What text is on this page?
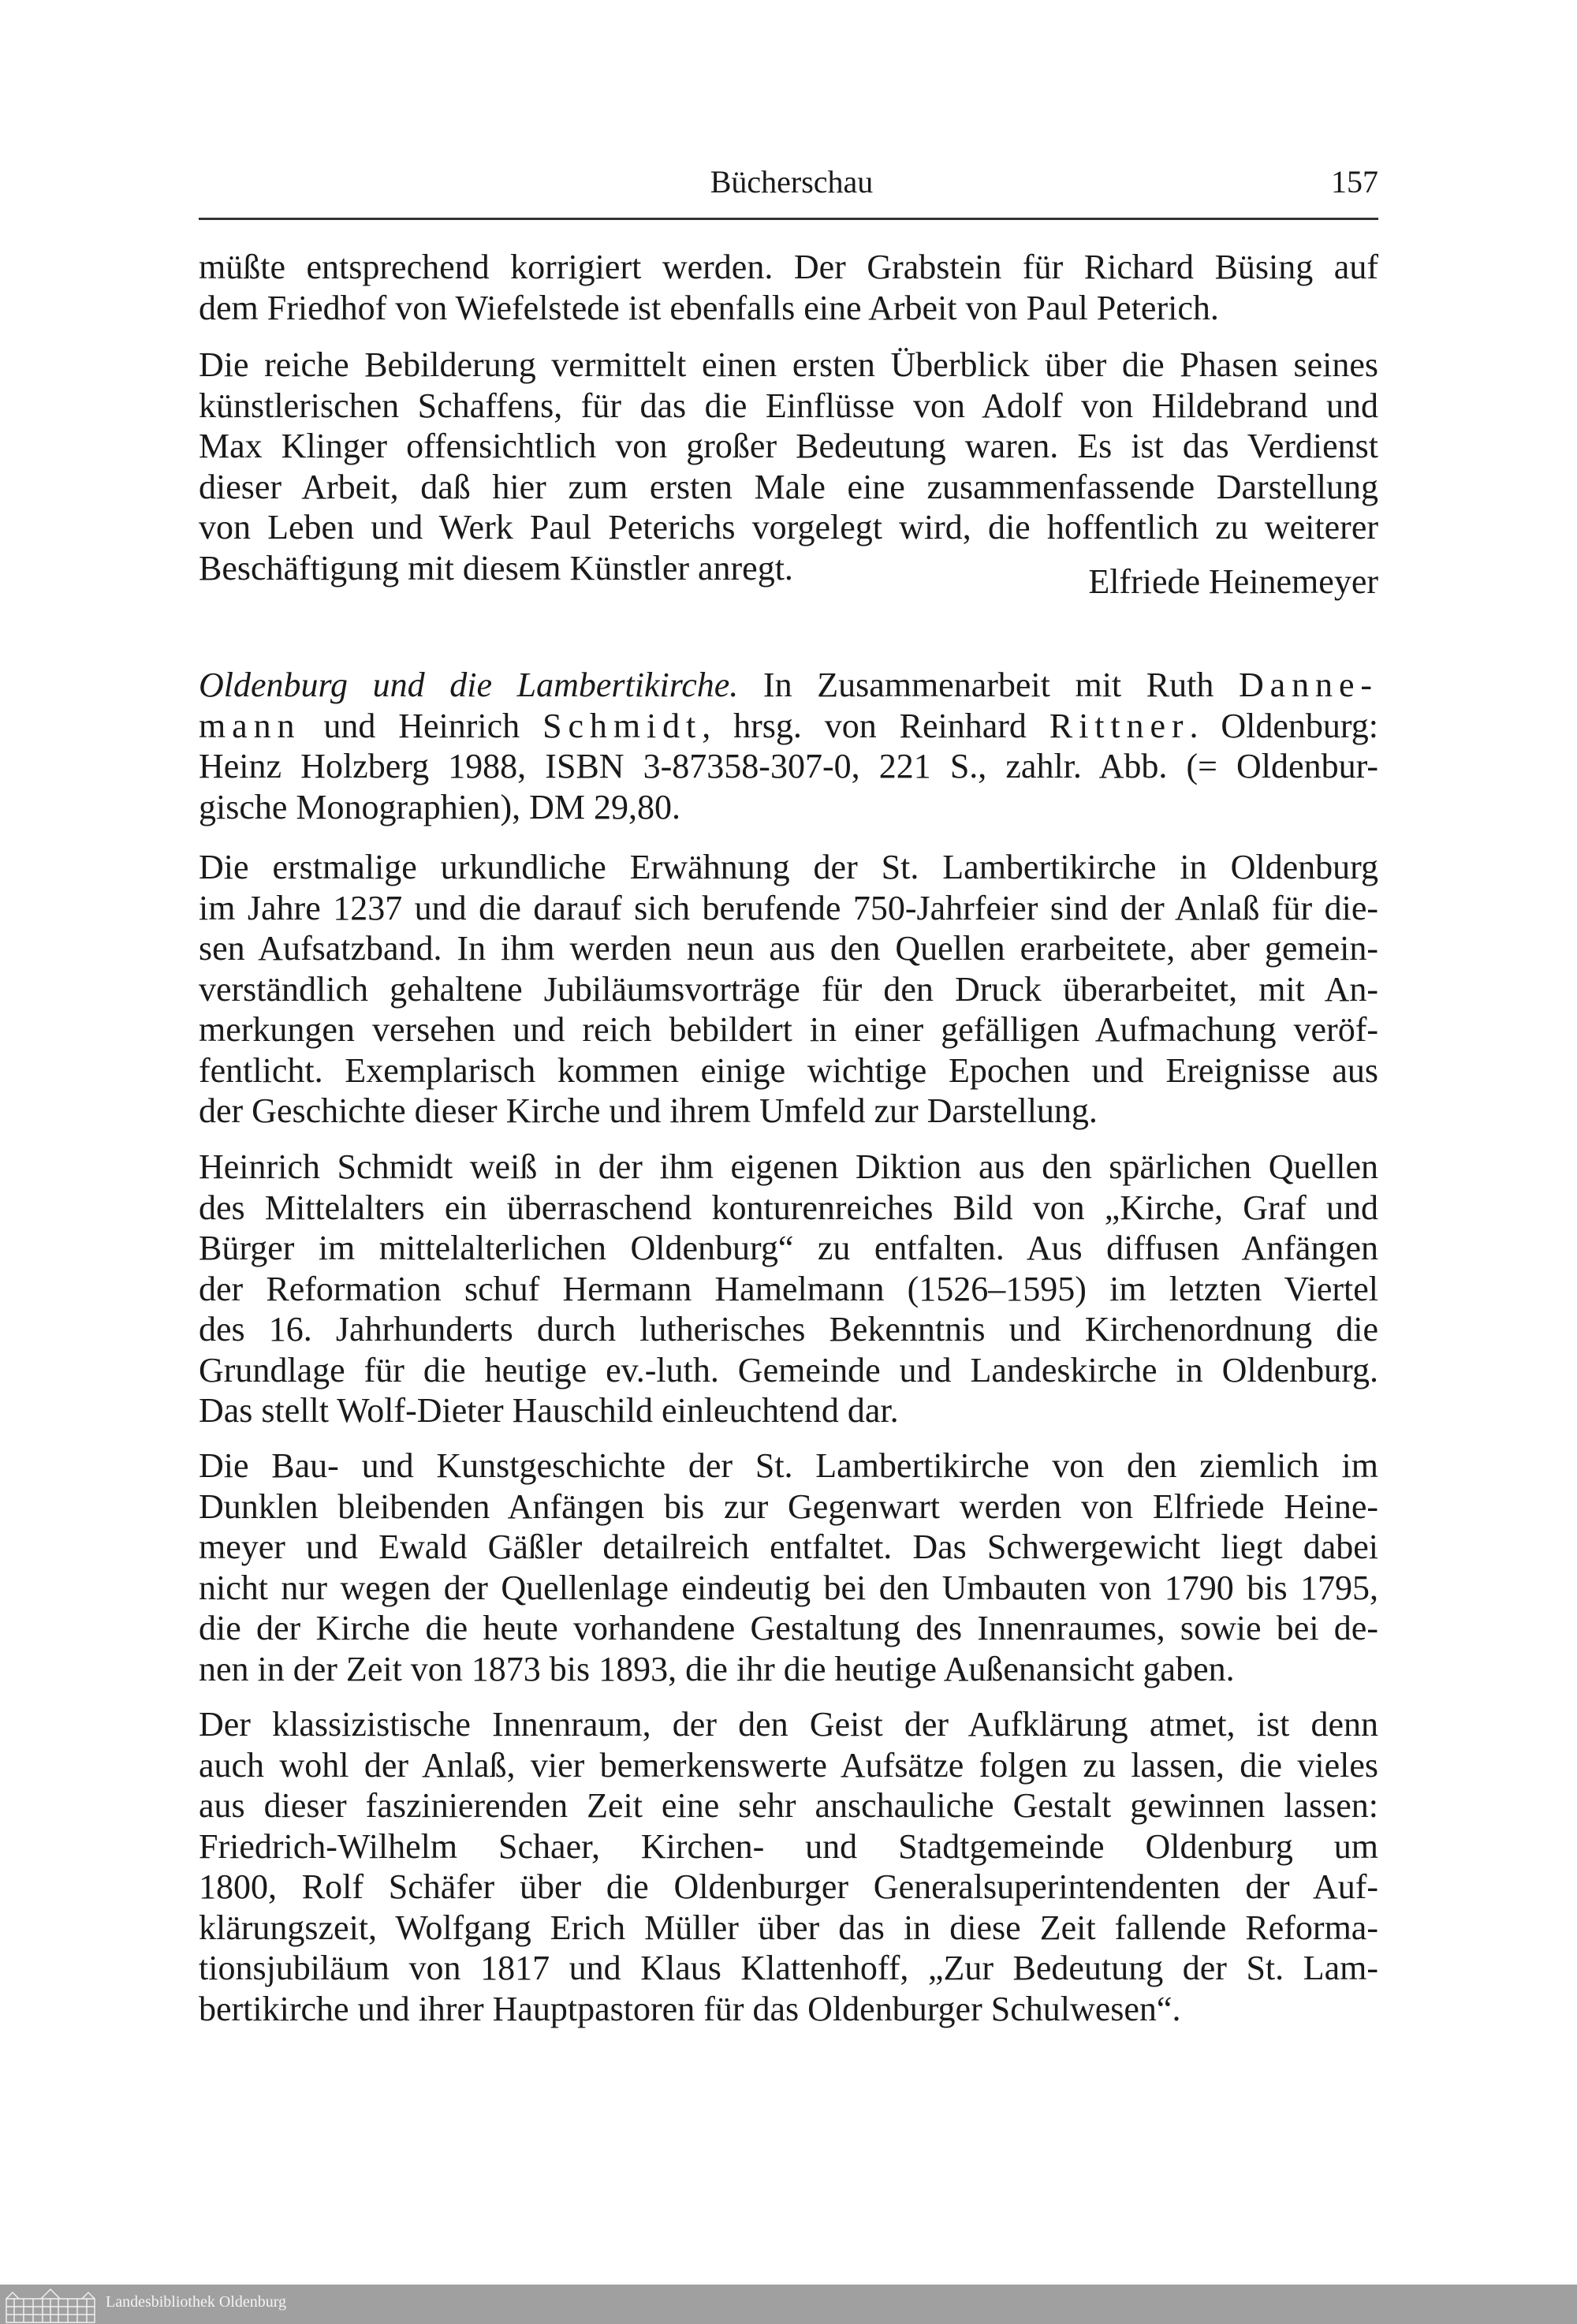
Bücherschau	157
müßte entsprechend korrigiert werden. Der Grabstein für Richard Büsing auf
dem Friedhof von Wiefelstede ist ebenfalls eine Arbeit von Paul Peterich.
Die reiche Bebilderung vermittelt einen ersten Überblick über die Phasen seines
künstlerischen Schaffens, für das die Einflüsse von Adolf von Hildebrand und
Max Klinger offensichtlich von großer Bedeutung waren. Es ist das Verdienst
dieser Arbeit, daß hier zum ersten Male eine zusammenfassende Darstellung
von Leben und Werk Paul Peterichs vorgelegt wird, die hoffentlich zu weiterer
Beschäftigung mit diesem Künstler anregt.	Elfriede Heinemeyer
Oldenburg und die Lambertikirche. In Zusammenarbeit mit Ruth Danne-
mann und Heinrich Schmidt, hrsg. von Reinhard Rittner. Oldenburg:
Heinz Holzberg 1988, ISBN 3-87358-307-0, 221 S., zahlr. Abb. (= Oldenbur-
gische Monographien), DM 29,80.
Die erstmalige urkundliche Erwähnung der St. Lambertikirche in Oldenburg
im Jahre 1237 und die darauf sich berufende 750-Jahrfeier sind der Anlaß für die-
sen Aufsatzband. In ihm werden neun aus den Quellen erarbeitete, aber gemein-
verständlich gehaltene Jubiläumsvorträge für den Druck überarbeitet, mit An-
merkungen versehen und reich bebildert in einer gefälligen Aufmachung veröf-
fentlicht. Exemplarisch kommen einige wichtige Epochen und Ereignisse aus
der Geschichte dieser Kirche und ihrem Umfeld zur Darstellung.
Heinrich Schmidt weiß in der ihm eigenen Diktion aus den spärlichen Quellen
des Mittelalters ein überraschend konturenreiches Bild von „Kirche, Graf und
Bürger im mittelalterlichen Oldenburg“ zu entfalten. Aus diffusen Anfängen
der Reformation schuf Hermann Hamelmann (1526–1595) im letzten Viertel
des 16. Jahrhunderts durch lutherisches Bekenntnis und Kirchenordnung die
Grundlage für die heutige ev.-luth. Gemeinde und Landeskirche in Oldenburg.
Das stellt Wolf-Dieter Hauschild einleuchtend dar.
Die Bau- und Kunstgeschichte der St. Lambertikirche von den ziemlich im
Dunklen bleibenden Anfängen bis zur Gegenwart werden von Elfriede Heine-
meyer und Ewald Gäßler detailreich entfaltet. Das Schwergewicht liegt dabei
nicht nur wegen der Quellenlage eindeutig bei den Umbauten von 1790 bis 1795,
die der Kirche die heute vorhandene Gestaltung des Innenraumes, sowie bei de-
nen in der Zeit von 1873 bis 1893, die ihr die heutige Außenansicht gaben.
Der klassizistische Innenraum, der den Geist der Aufklärung atmet, ist denn
auch wohl der Anlaß, vier bemerkenswerte Aufsätze folgen zu lassen, die vieles
aus dieser faszinierenden Zeit eine sehr anschauliche Gestalt gewinnen lassen:
Friedrich-Wilhelm Schaer, Kirchen- und Stadtgemeinde Oldenburg um
1800, Rolf Schäfer über die Oldenburger Generalsuperintendenten der Auf-
klärungszeit, Wolfgang Erich Müller über das in diese Zeit fallende Reforma-
tionsjubiläum von 1817 und Klaus Klattenhoff, „Zur Bedeutung der St. Lam-
bertikirche und ihrer Hauptpastoren für das Oldenburger Schulwesen“.
Landesbibliothek Oldenburg
